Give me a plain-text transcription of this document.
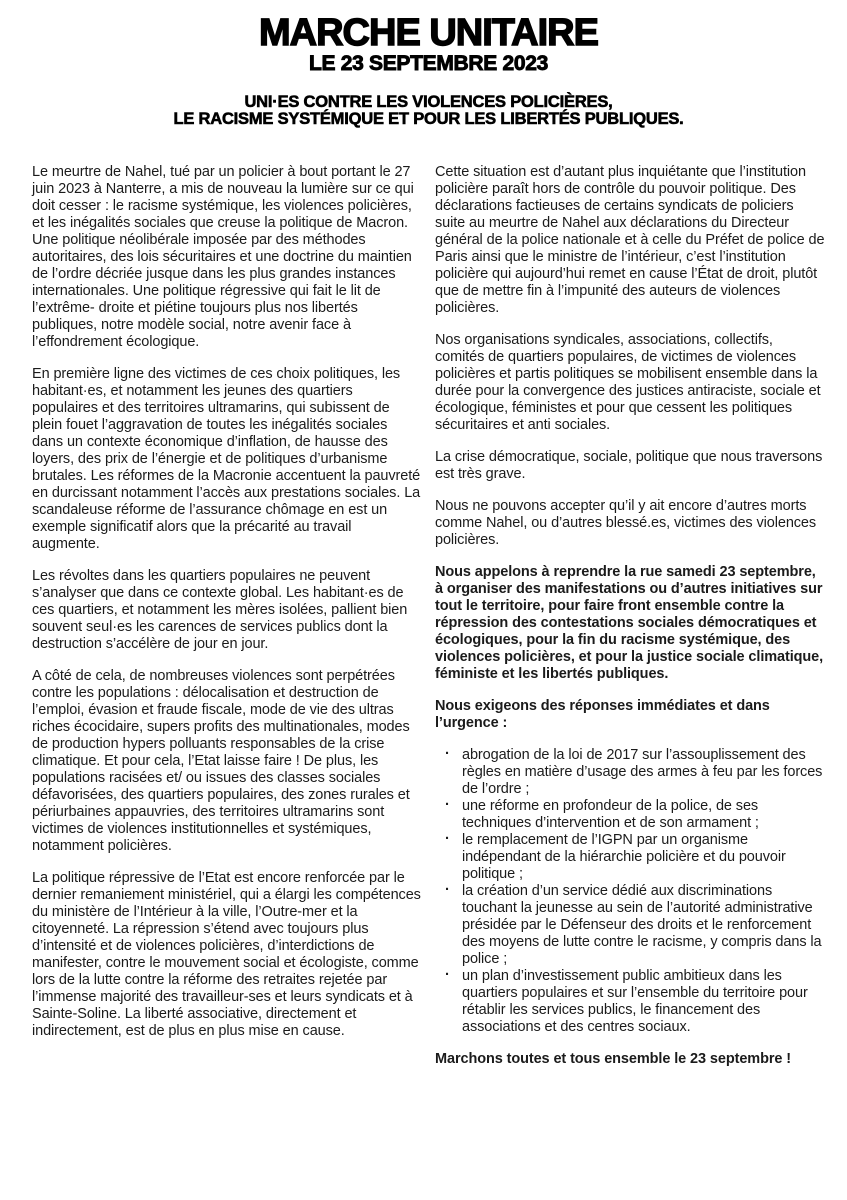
MARCHE UNITAIRE
LE 23 SEPTEMBRE 2023
UNI·ES CONTRE LES VIOLENCES POLICIÈRES,
LE RACISME SYSTÉMIQUE ET POUR LES LIBERTÉS PUBLIQUES.

Le meurtre de Nahel, tué par un policier à bout portant le 27 juin 2023 à Nanterre, a mis de nouveau la lumière sur ce qui doit cesser : le racisme systémique, les violences policières, et les inégalités sociales que creuse la politique de Macron. Une politique néolibérale imposée par des méthodes autoritaires, des lois sécuritaires et une doctrine du maintien de l’ordre décriée jusque dans les plus grandes instances internationales. Une politique régressive qui fait le lit de l’extrême- droite et piétine toujours plus nos libertés publiques, notre modèle social, notre avenir face à l’effondrement écologique.

En première ligne des victimes de ces choix politiques, les habitant·es, et notamment les jeunes des quartiers populaires et des territoires ultramarins, qui subissent de plein fouet l’aggravation de toutes les inégalités sociales dans un contexte économique d’inflation, de hausse des loyers, des prix de l’énergie et de politiques d’urbanisme brutales. Les réformes de la Macronie accentuent la pauvreté en durcissant notamment l’accès aux prestations sociales. La scandaleuse réforme de l’assurance chômage en est un exemple significatif alors que la précarité au travail augmente.

Les révoltes dans les quartiers populaires ne peuvent s’analyser que dans ce contexte global. Les habitant·es de ces quartiers, et notamment les mères isolées, pallient bien souvent seul·es les carences de services publics dont la destruction s’accélère de jour en jour.

A côté de cela, de nombreuses violences sont perpétrées contre les populations : délocalisation et destruction de l’emploi, évasion et fraude fiscale, mode de vie des ultras riches écocidaire, supers profits des multinationales, modes de production hypers polluants responsables de la crise climatique. Et pour cela, l’Etat laisse faire ! De plus, les populations racisées et/ ou issues des classes sociales défavorisées, des quartiers populaires, des zones rurales et périurbaines appauvries, des territoires ultramarins sont victimes de violences institutionnelles et systémiques, notamment policières.

La politique répressive de l’Etat est encore renforcée par le dernier remaniement ministériel, qui a élargi les compétences du ministère de l’Intérieur à la ville, l’Outre-mer et la citoyenneté. La répression s’étend avec toujours plus d’intensité et de violences policières, d’interdictions de manifester, contre le mouvement social et écologiste, comme lors de la lutte contre la réforme des retraites rejetée par l’immense majorité des travailleur-ses et leurs syndicats et à Sainte-Soline. La liberté associative, directement et indirectement, est de plus en plus mise en cause.

Cette situation est d’autant plus inquiétante que l’institution policière paraît hors de contrôle du pouvoir politique. Des déclarations factieuses de certains syndicats de policiers suite au meurtre de Nahel aux déclarations du Directeur général de la police nationale et à celle du Préfet de police de Paris ainsi que le ministre de l’intérieur, c’est l’institution policière qui aujourd’hui remet en cause l’État de droit, plutôt que de mettre fin à l’impunité des auteurs de violences policières.

Nos organisations syndicales, associations, collectifs, comités de quartiers populaires, de victimes de violences policières et partis politiques se mobilisent ensemble dans la durée pour la convergence des justices antiraciste, sociale et écologique, féministes et pour que cessent les politiques sécuritaires et anti sociales.

La crise démocratique, sociale, politique que nous traversons est très grave.

Nous ne pouvons accepter qu’il y ait encore d’autres morts comme Nahel, ou d’autres blessé.es, victimes des violences policières.

Nous appelons à reprendre la rue samedi 23 septembre, à organiser des manifestations ou d’autres initiatives sur tout le territoire, pour faire front ensemble contre la répression des contestations sociales démocratiques et écologiques, pour la fin du racisme systémique, des violences policières, et pour la justice sociale climatique, féministe et les libertés publiques.

Nous exigeons des réponses immédiates et dans l’urgence :

· abrogation de la loi de 2017 sur l’assouplissement des règles en matière d’usage des armes à feu par les forces de l’ordre ;
· une réforme en profondeur de la police, de ses techniques d’intervention et de son armament ;
· le remplacement de l’IGPN par un organisme indépendant de la hiérarchie policière et du pouvoir politique ;
· la création d’un service dédié aux discriminations touchant la jeunesse au sein de l’autorité administrative présidée par le Défenseur des droits et le renforcement des moyens de lutte contre le racisme, y compris dans la police ;
· un plan d’investissement public ambitieux dans les quartiers populaires et sur l’ensemble du territoire pour rétablir les services publics, le financement des associations et des centres sociaux.

Marchons toutes et tous ensemble le 23 septembre !
